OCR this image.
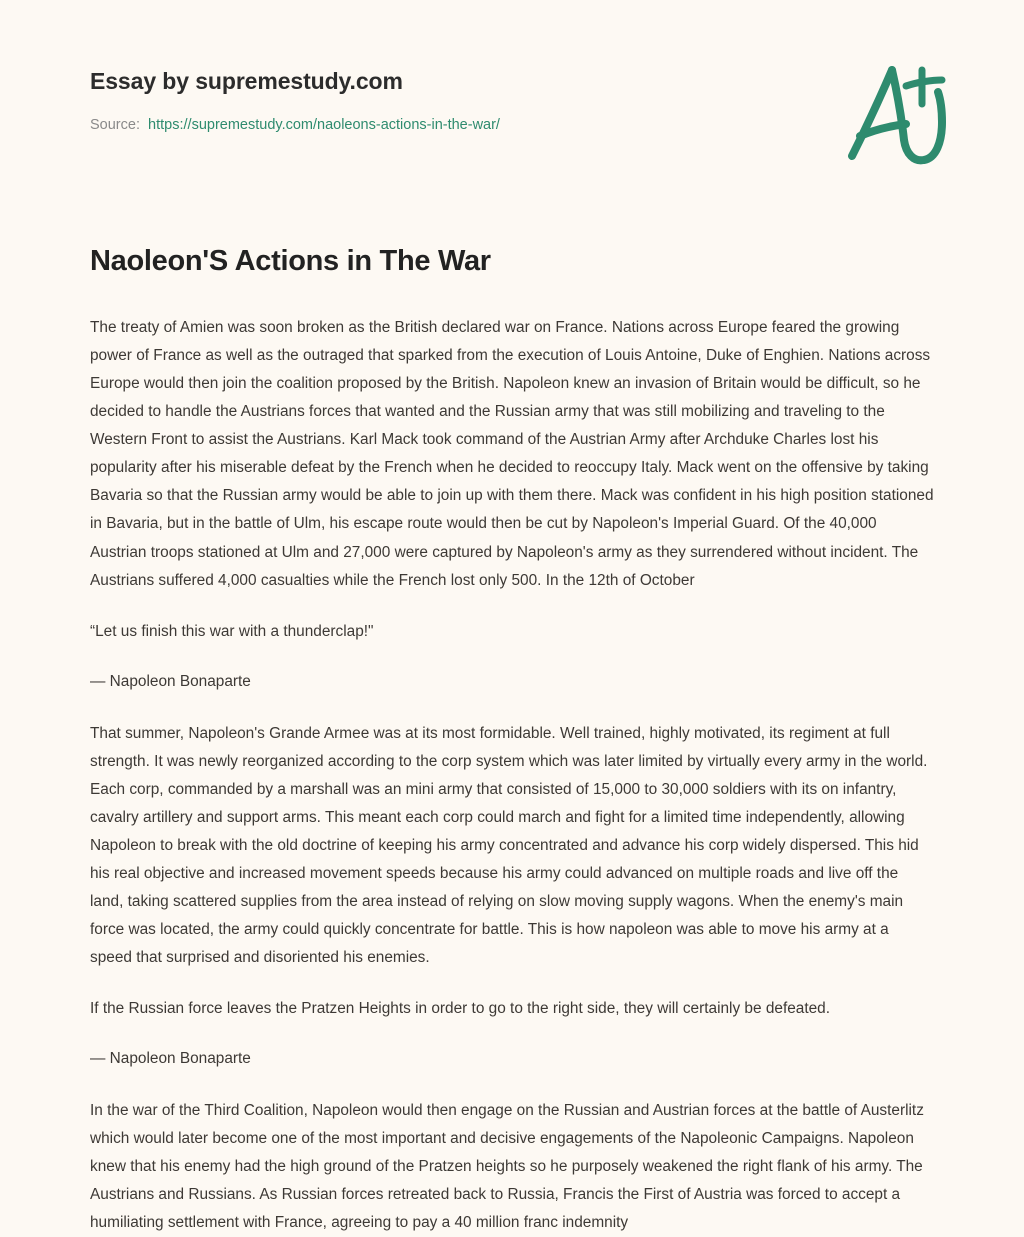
Essay by supremestudy.com
Source: https://supremestudy.com/naoleons-actions-in-the-war/
Naoleon'S Actions in The War

The treaty of Amien was soon broken as the British declared war on France. Nations across Europe feared the growing power of France as well as the outraged that sparked from the execution of Louis Antoine, Duke of Enghien. Nations across Europe would then join the coalition proposed by the British. Napoleon knew an invasion of Britain would be difficult, so he decided to handle the Austrians forces that wanted and the Russian army that was still mobilizing and traveling to the Western Front to assist the Austrians. Karl Mack took command of the Austrian Army after Archduke Charles lost his popularity after his miserable defeat by the French when he decided to reoccupy Italy. Mack went on the offensive by taking Bavaria so that the Russian army would be able to join up with them there. Mack was confident in his high position stationed in Bavaria, but in the battle of Ulm, his escape route would then be cut by Napoleon's Imperial Guard. Of the 40,000 Austrian troops stationed at Ulm and 27,000 were captured by Napoleon's army as they surrendered without incident. The Austrians suffered 4,000 casualties while the French lost only 500. In the 12th of October

“Let us finish this war with a thunderclap!"

— Napoleon Bonaparte

That summer, Napoleon's Grande Armee was at its most formidable. Well trained, highly motivated, its regiment at full strength. It was newly reorganized according to the corp system which was later limited by virtually every army in the world. Each corp, commanded by a marshall was an mini army that consisted of 15,000 to 30,000 soldiers with its on infantry, cavalry artillery and support arms. This meant each corp could march and fight for a limited time independently, allowing Napoleon to break with the old doctrine of keeping his army concentrated and advance his corp widely dispersed. This hid his real objective and increased movement speeds because his army could advanced on multiple roads and live off the land, taking scattered supplies from the area instead of relying on slow moving supply wagons. When the enemy's main force was located, the army could quickly concentrate for battle. This is how napoleon was able to move his army at a speed that surprised and disoriented his enemies.

If the Russian force leaves the Pratzen Heights in order to go to the right side, they will certainly be defeated.

— Napoleon Bonaparte

In the war of the Third Coalition, Napoleon would then engage on the Russian and Austrian forces at the battle of Austerlitz which would later become one of the most important and decisive engagements of the Napoleonic Campaigns. Napoleon knew that his enemy had the high ground of the Pratzen heights so he purposely weakened the right flank of his army. The Austrians and Russians. As Russian forces retreated back to Russia, Francis the First of Austria was forced to accept a humiliating settlement with France, agreeing to pay a 40 million franc indemnity
